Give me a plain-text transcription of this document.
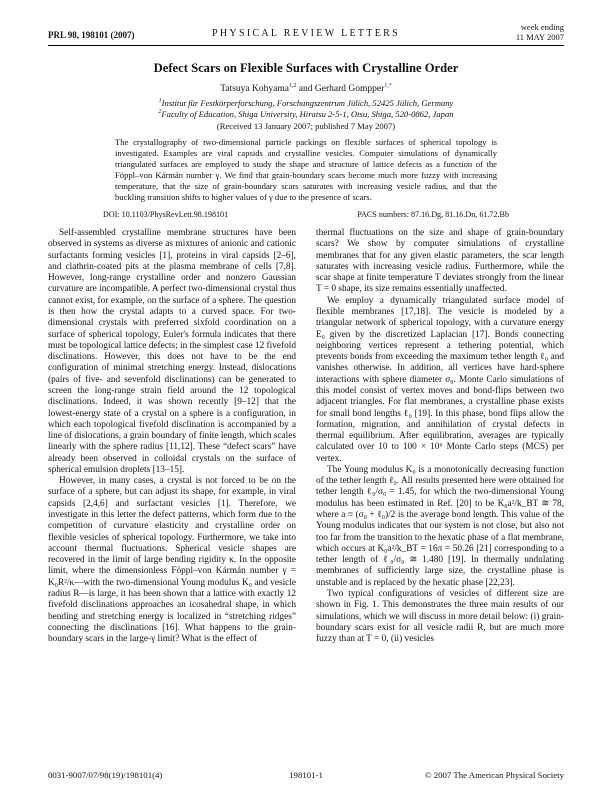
PRL 98, 198101 (2007)	PHYSICAL REVIEW LETTERS
week ending
11 MAY 2007
Defect Scars on Flexible Surfaces with Crystalline Order
Tatsuya Kohyama$^{1,2}$ and Gerhard Gompper$^{1,*}$
$^1$Institut für Festkörperforschung, Forschungszentrum Jülich, 52425 Jülich, Germany
$^2$Faculty of Education, Shiga University, Hiratsu 2-5-1, Otsu, Shiga, 520-0862, Japan
(Received 13 January 2007; published 7 May 2007)
The crystallography of two-dimensional particle packings on flexible surfaces of spherical topology is investigated. Examples are viral capsids and crystalline vesicles. Computer simulations of dynamically triangulated surfaces are employed to study the shape and structure of lattice defects as a function of the Föppl–von Kármán number γ. We find that grain-boundary scars become much more fuzzy with increasing temperature, that the size of grain-boundary scars saturates with increasing vesicle radius, and that the buckling transition shifts to higher values of γ due to the presence of scars.
DOI: 10.1103/PhysRevLett.98.198101	PACS numbers: 87.16.Dg, 81.16.Dn, 61.72.Bb

Self-assembled crystalline membrane structures have been observed in systems as diverse as mixtures of anionic and cationic surfactants forming vesicles [1], proteins in viral capsids [2–6], and clathrin-coated pits at the plasma membrane of cells [7,8]. However, long-range crystalline order and nonzero Gaussian curvature are incompatible. A perfect two-dimensional crystal thus cannot exist, for example, on the surface of a sphere. The question is then how the crystal adapts to a curved space. For two-dimensional crystals with preferred sixfold coordination on a surface of spherical topology, Euler's formula indicates that there must be topological lattice defects; in the simplest case 12 fivefold disclinations. However, this does not have to be the end configuration of minimal stretching energy. Instead, dislocations (pairs of five- and sevenfold disclinations) can be generated to screen the long-range strain field around the 12 topological disclinations. Indeed, it was shown recently [9–12] that the lowest-energy state of a crystal on a sphere is a configuration, in which each topological fivefold disclination is accompanied by a line of dislocations, a grain boundary of finite length, which scales linearly with the sphere radius [11,12]. These “defect scars” have already been observed in colloidal crystals on the surface of spherical emulsion droplets [13–15].

However, in many cases, a crystal is not forced to be on the surface of a sphere, but can adjust its shape, for example, in viral capsids [2,4,6] and surfactant vesicles [1]. Therefore, we investigate in this letter the defect patterns, which form due to the competition of curvature elasticity and crystalline order on flexible vesicles of spherical topology. Furthermore, we take into account thermal fluctuations. Spherical vesicle shapes are recovered in the limit of large bending rigidity κ. In the opposite limit, where the dimensionless Föppl–von Kármán number γ = K₀R²/κ—with the two-dimensional Young modulus K₀ and vesicle radius R—is large, it has been shown that a lattice with exactly 12 fivefold disclinations approaches an icosahedral shape, in which bending and stretching energy is localized in “stretching ridges” connecting the disclinations [16]. What happens to the grain-boundary scars in the large-γ limit? What is the effect of

thermal fluctuations on the size and shape of grain-boundary scars? We show by computer simulations of crystalline membranes that for any given elastic parameters, the scar length saturates with increasing vesicle radius. Furthermore, while the scar shape at finite temperature T deviates strongly from the linear T = 0 shape, its size remains essentially unaffected.

We employ a dynamically triangulated surface model of flexible membranes [17,18]. The vesicle is modeled by a triangular network of spherical topology, with a curvature energy E₀ given by the discretized Laplacian [17]. Bonds connecting neighboring vertices represent a tethering potential, which prevents bonds from exceeding the maximum tether length ℓ₀ and vanishes otherwise. In addition, all vertices have hard-sphere interactions with sphere diameter σ₀. Monte Carlo simulations of this model consist of vertex moves and bond-flips between two adjacent triangles. For flat membranes, a crystalline phase exists for small bond lengths ℓ₀ [19]. In this phase, bond flips allow the formation, migration, and annihilation of crystal defects in thermal equilibrium. After equilibration, averages are typically calculated over 10 to 100 × 10⁶ Monte Carlo steps (MCS) per vertex.

The Young modulus K₀ is a monotonically decreasing function of the tether length ℓ₀. All results presented here were obtained for tether length ℓ₀/σ₀ = 1.45, for which the two-dimensional Young modulus has been estimated in Ref. [20] to be K₀a²/k_BT ≅ 78, where a ≡ (σ₀ + ℓ₀)/2 is the average bond length. This value of the Young modulus indicates that our system is not close, but also not too far from the transition to the hexatic phase of a flat membrane, which occurs at K₀a²/k_BT = 16π = 50.26 [21] corresponding to a tether length of ℓ₀/σ₀ ≅ 1.480 [19]. In thermally undulating membranes of sufficiently large size, the crystalline phase is unstable and is replaced by the hexatic phase [22,23].

Two typical configurations of vesicles of different size are shown in Fig. 1. This demonstrates the three main results of our simulations, which we will discuss in more detail below: (i) grain-boundary scars exist for all vesicle radii R, but are much more fuzzy than at T = 0, (ii) vesicles

0031-9007/07/98(19)/198101(4)	198101-1	© 2007 The American Physical Society
